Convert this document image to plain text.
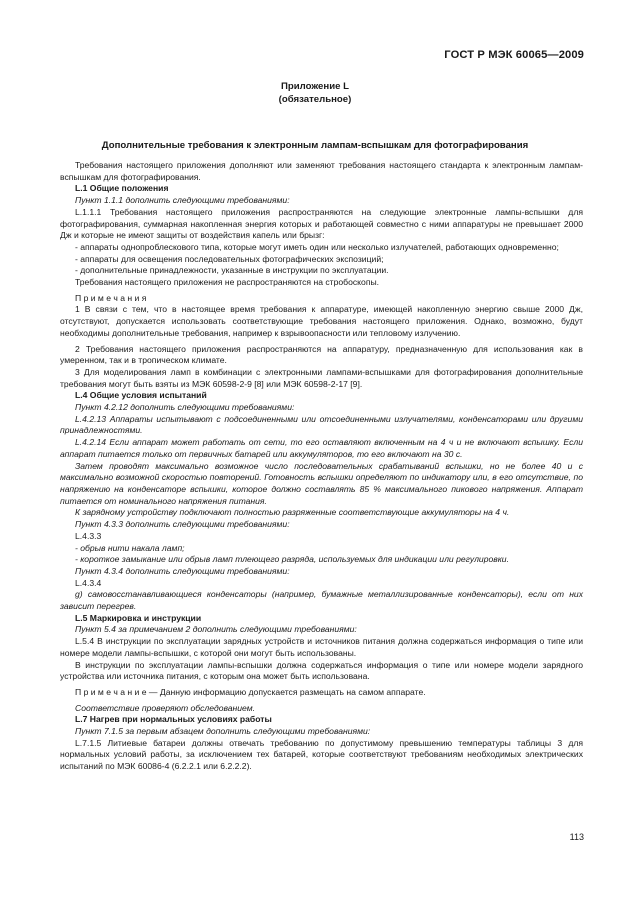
ГОСТ Р МЭК 60065—2009
Приложение L
(обязательное)
Дополнительные требования к электронным лампам-вспышкам для фотографирования

Требования настоящего приложения дополняют или заменяют требования настоящего стандарта к электронным лампам-вспышкам для фотографирования.

L.1 Общие положения

Пункт 1.1.1 дополнить следующими требованиями:

L.1.1.1 Требования настоящего приложения распространяются на следующие электронные лампы-вспышки для фотографирования, суммарная накопленная энергия которых и работающей совместно с ними аппаратуры не превышает 2000 Дж и которые не имеют защиты от воздействия капель или брызг:

- аппараты однопроблескового типа, которые могут иметь один или несколько излучателей, работающих одновременно;

- аппараты для освещения последовательных фотографических экспозиций;

- дополнительные принадлежности, указанные в инструкции по эксплуатации.

Требования настоящего приложения не распространяются на стробоскопы.

П р и м е ч а н и я

1 В связи с тем, что в настоящее время требования к аппаратуре, имеющей накопленную энергию свыше 2000 Дж, отсутствуют, допускается использовать соответствующие требования настоящего приложения. Однако, возможно, будут необходимы дополнительные требования, например к взрывоопасности или тепловому излучению.

2 Требования настоящего приложения распространяются на аппаратуру, предназначенную для использования как в умеренном, так и в тропическом климате.

3 Для моделирования ламп в комбинации с электронными лампами-вспышками для фотографирования дополнительные требования могут быть взяты из МЭК 60598-2-9 [8] или МЭК 60598-2-17 [9].

L.4 Общие условия испытаний

Пункт 4.2.12 дополнить следующими требованиями:

L.4.2.13 Аппараты испытывают с подсоединенными или отсоединенными излучателями, конденсаторами или другими принадлежностями.

L.4.2.14 Если аппарат может работать от сети, то его оставляют включенным на 4 ч и не включают вспышку. Если аппарат питается только от первичных батарей или аккумуляторов, то его включают на 30 с.

Затем проводят максимально возможное число последовательных срабатываний вспышки, но не более 40 и с максимально возможной скоростью повторений. Готовность вспышки определяют по индикатору или, в его отсутствие, по напряжению на конденсаторе вспышки, которое должно составлять 85 % максимального пикового напряжения. Аппарат питается от номинального напряжения питания.

К зарядному устройству подключают полностью разряженные соответствующие аккумуляторы на 4 ч.

Пункт 4.3.3 дополнить следующими требованиями:

L.4.3.3

- обрыв нити накала ламп;

- короткое замыкание или обрыв ламп тлеющего разряда, используемых для индикации или регулировки.

Пункт 4.3.4 дополнить следующими требованиями:

L.4.3.4

g) самовосстанавливающиеся конденсаторы (например, бумажные металлизированные конденсаторы), если от них зависит перегрев.

L.5 Маркировка и инструкции

Пункт 5.4 за примечанием 2 дополнить следующими требованиями:

L.5.4 В инструкции по эксплуатации зарядных устройств и источников питания должна содержаться информация о типе или номере модели лампы-вспышки, с которой они могут быть использованы.

В инструкции по эксплуатации лампы-вспышки должна содержаться информация о типе или номере модели зарядного устройства или источника питания, с которым она может быть использована.

П р и м е ч а н и е — Данную информацию допускается размещать на самом аппарате.

Соответствие проверяют обследованием.

L.7 Нагрев при нормальных условиях работы

Пункт 7.1.5 за первым абзацем дополнить следующими требованиями:

L.7.1.5 Литиевые батареи должны отвечать требованию по допустимому превышению температуры таблицы 3 для нормальных условий работы, за исключением тех батарей, которые соответствуют требованиям необходимых электрических испытаний по МЭК 60086-4 (6.2.2.1 или 6.2.2.2).

113
